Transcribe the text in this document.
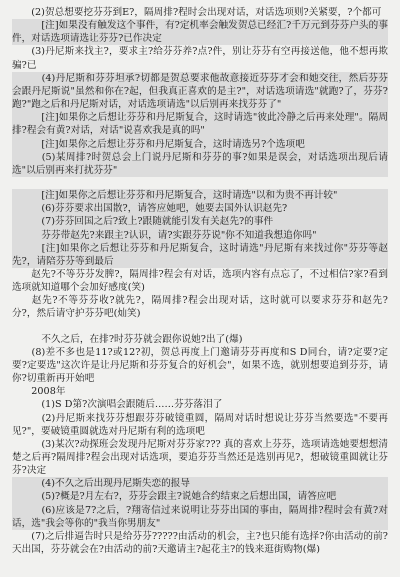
　(2)贺总想要挖芬芬到E?，隔周排?程时会出现对话，对话选项则?关紧要，?个都可

　[注]如果没有触发这个事件，有?定机率会触发贺总已经汇?千万元到芬芬户头的事件，对话选项请选让芬芬?已作决定

　(3)丹尼斯来找主?，要求主?给芬芬养?点?件，别让芬芬有空再接送他，他不想再欺骗?已

　(4)丹尼斯和芬芬坦承?切都是贺总要求他故意接近芬芬才会和她交往，然后芬芬会跟丹尼斯说"虽然和你在?起，但我真正喜欢的是主?"，对话选项请选"就跑?了，芬芬?跑?"跑之后和丹尼斯对话，对话选项请选"以后别再来找芬芬了"

　[注]如果你之后想让芬芬和丹尼斯复合，这时请选"彼此冷静之后再来处理"。隔周排?程会有黄?对话，对话"说喜欢我是真的吗"

　[注]如果你之后想让芬芬和丹尼斯复合，这时请选另?个选项吧

　(5)某周排?时贺总会上门说丹尼斯和芬芬的事?如果是误会，对话选项出现后请选"以后别再来打扰芬芬"

　[注]如果你之后想让芬芬和丹尼斯复合，这时请选"以和为贵不再计较"

　(6)芬芬要求出国散?，请答应她吧，她要去国外认识赵先?

　(7)芬芬回国之后?致上?跟随就能引发有关赵先?的事件

　芬芬带赵先?来跟主?认识，请?实跟芬芬说"你不知道我想追你吗"

　[注]如果你之后想让芬芬和丹尼斯复合，这时请选"丹尼斯有来找过你"芬芬等赵先?，请陪芬芬等到最后

　赵先?不等芬芬发脾?，隔周排?程会有对话，选项内容有点忘了，不过相信?家?看到选项就知道哪个会加好感度(笑)

　赵先?不等芬芬收?就先?，隔周排?程会出现对话，这时就可以要求芬芬和赵先?分?，然后请守护芬芬吧(灿笑)

　不久之后，在排?时芬芬就会跟你说她?出了(爆)

　(8)差不多也是11?或12?初，贺总再度上门邀请芬芬再度和S D同台，请?定要?定要?定要选"这次许是让丹尼斯和芬芬复合的好机会"，如果不选，就别想要追到芬芬，请你?切重新再开始吧

　2008年

　(1)S D第?次演唱会跟随后……芬芬落泪了

　(2)丹尼斯来找芬芬想跟芬芬破镜重圆，隔周对话时想说让芬芬当然要选"不要再见?"，要破镜重圆就选对丹尼斯有利的选项吧

　(3)某次?动探班会发现丹尼斯对芬芬家??? 真的喜欢上芬芬，选项请选她要想想清楚之后再?隔周排?程会出现对话选项，要追芬芬当然还是选别再见?，想破镜重圆就让芬芬?决定

　(4)不久之后出现丹尼斯失恋的报导

　(5)?概是?月左右?，芬芬会跟主?说她合约结束之后想出国，请答应吧

　(6)应该是7?之后，?翔寄信过来说明让芬芬出国的事由，隔周排?程时会有黄?对话，选"我会等你的"我当你男朋友"

　(7)之后排逼告时只是给芬芬?????由活动的机会，主?也只能有选择?你由活动的前?天出国，芬芬就会在?由活动的前?天邀请主?起花主?的钱来逛街购物(爆)
